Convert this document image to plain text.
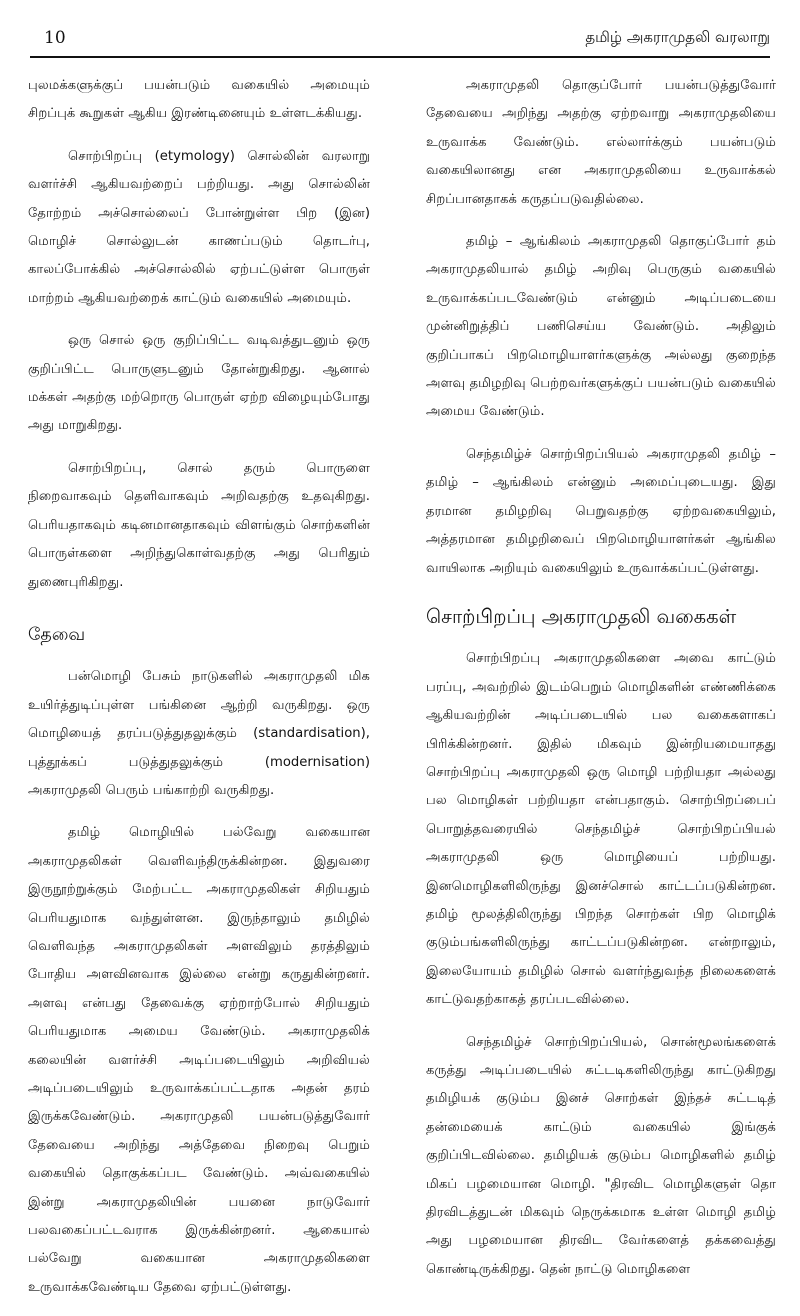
10	தமிழ் அகராமுதலி வரலாறு

புலமக்களுக்குப் பயன்படும் வகையில் அமையும் சிறப்புக் கூறுகள் ஆகிய இரண்டினையும் உள்ளடக்கியது.

சொற்பிறப்பு (etymology) சொல்லின் வரலாறு வளர்ச்சி ஆகியவற்றைப் பற்றியது. அது சொல்லின் தோற்றம் அச்சொல்லைப் போன்றுள்ள பிற (இன) மொழிச் சொல்லுடன் காணப்படும் தொடர்பு, காலப்போக்கில் அச்சொல்லில் ஏற்பட்டுள்ள பொருள் மாற்றம் ஆகியவற்றைக் காட்டும் வகையில் அமையும்.

ஒரு சொல் ஒரு குறிப்பிட்ட வடிவத்துடனும் ஒரு குறிப்பிட்ட பொருளுடனும் தோன்றுகிறது. ஆனால் மக்கள் அதற்கு மற்றொரு பொருள் ஏற்ற விழையும்போது அது மாறுகிறது.

சொற்பிறப்பு, சொல் தரும் பொருளை நிறைவாகவும் தெளிவாகவும் அறிவதற்கு உதவுகிறது. பெரியதாகவும் கடினமானதாகவும் விளங்கும் சொற்களின் பொருள்களை அறிந்துகொள்வதற்கு அது பெரிதும் துணைபுரிகிறது.

தேவை

பன்மொழி பேசும் நாடுகளில் அகராமுதலி மிக உயிர்த்துடிப்புள்ள பங்கினை ஆற்றி வருகிறது. ஒரு மொழியைத் தரப்படுத்துதலுக்கும் (standardisation), புத்தூக்கப் படுத்துதலுக்கும் (modernisation) அகராமுதலி பெரும் பங்காற்றி வருகிறது.

தமிழ் மொழியில் பல்வேறு வகையான அகராமுதலிகள் வெளிவந்திருக்கின்றன. இதுவரை இருநூற்றுக்கும் மேற்பட்ட அகராமுதலிகள் சிறியதும் பெரியதுமாக வந்துள்ளன. இருந்தாலும் தமிழில் வெளிவந்த அகராமுதலிகள் அளவிலும் தரத்திலும் போதிய அளவினவாக இல்லை என்று கருதுகின்றனர். அளவு என்பது தேவைக்கு ஏற்றாற்போல் சிறியதும் பெரியதுமாக அமைய வேண்டும். அகராமுதலிக் கலையின் வளர்ச்சி அடிப்படையிலும் அறிவியல் அடிப்படையிலும் உருவாக்கப்பட்டதாக அதன் தரம் இருக்கவேண்டும். அகராமுதலி பயன்படுத்துவோர் தேவையை அறிந்து அத்தேவை நிறைவு பெறும் வகையில் தொகுக்கப்பட வேண்டும். அவ்வகையில் இன்று அகராமுதலியின் பயனை நாடுவோர் பலவகைப்பட்டவராக இருக்கின்றனர். ஆகையால் பல்வேறு வகையான அகராமுதலிகளை உருவாக்கவேண்டிய தேவை ஏற்பட்டுள்ளது.

அகராமுதலி தொகுப்போர் பயன்படுத்துவோர் தேவையை அறிந்து அதற்கு ஏற்றவாறு அகராமுதலியை உருவாக்க வேண்டும். எல்லார்க்கும் பயன்படும் வகையிலானது என அகராமுதலியை உருவாக்கல் சிறப்பானதாகக் கருதப்படுவதில்லை.

தமிழ் – ஆங்கிலம் அகராமுதலி தொகுப்போர் தம் அகராமுதலியால் தமிழ் அறிவு பெருகும் வகையில் உருவாக்கப்படவேண்டும் என்னும் அடிப்படையை முன்னிறுத்திப் பணிசெய்ய வேண்டும். அதிலும் குறிப்பாகப் பிறமொழியாளர்களுக்கு அல்லது குறைந்த அளவு தமிழறிவு பெற்றவர்களுக்குப் பயன்படும் வகையில் அமைய வேண்டும்.

செந்தமிழ்ச் சொற்பிறப்பியல் அகராமுதலி தமிழ் – தமிழ் – ஆங்கிலம் என்னும் அமைப்புடையது. இது தரமான தமிழறிவு பெறுவதற்கு ஏற்றவகையிலும், அத்தரமான தமிழறிவைப் பிறமொழியாளர்கள் ஆங்கில வாயிலாக அறியும் வகையிலும் உருவாக்கப்பட்டுள்ளது.

சொற்பிறப்பு அகராமுதலி வகைகள்

சொற்பிறப்பு அகராமுதலிகளை அவை காட்டும் பரப்பு, அவற்றில் இடம்பெறும் மொழிகளின் எண்ணிக்கை ஆகியவற்றின் அடிப்படையில் பல வகைகளாகப் பிரிக்கின்றனர். இதில் மிகவும் இன்றியமையாதது சொற்பிறப்பு அகராமுதலி ஒரு மொழி பற்றியதா அல்லது பல மொழிகள் பற்றியதா என்பதாகும். சொற்பிறப்பைப் பொறுத்தவரையில் செந்தமிழ்ச் சொற்பிறப்பியல் அகராமுதலி ஒரு மொழியைப் பற்றியது. இனமொழிகளிலிருந்து இனச்சொல் காட்டப்படுகின்றன. தமிழ் மூலத்திலிருந்து பிறந்த சொற்கள் பிற மொழிக் குடும்பங்களிலிருந்து காட்டப்படுகின்றன. என்றாலும், இலையோயம் தமிழில் சொல் வளர்ந்துவந்த நிலைகளைக் காட்டுவதற்காகத் தரப்படவில்லை.

செந்தமிழ்ச் சொற்பிறப்பியல், சொன்மூலங்களைக் கருத்து அடிப்படையில் சுட்டடிகளிலிருந்து காட்டுகிறது தமிழியக் குடும்ப இனச் சொற்கள் இந்தச் சுட்டடித் தன்மையைக் காட்டும் வகையில் இங்குக் குறிப்பிடவில்லை. தமிழியக் குடும்ப மொழிகளில் தமிழ் மிகப் பழமையான மொழி. "திரவிட மொழிகளுள் தொ திரவிடத்துடன் மிகவும் நெருக்கமாக உள்ள மொழி தமிழ் அது பழமையான திரவிட வேர்களைத் தக்கவைத்து கொண்டிருக்கிறது. தென் நாட்டு மொழிகளை
